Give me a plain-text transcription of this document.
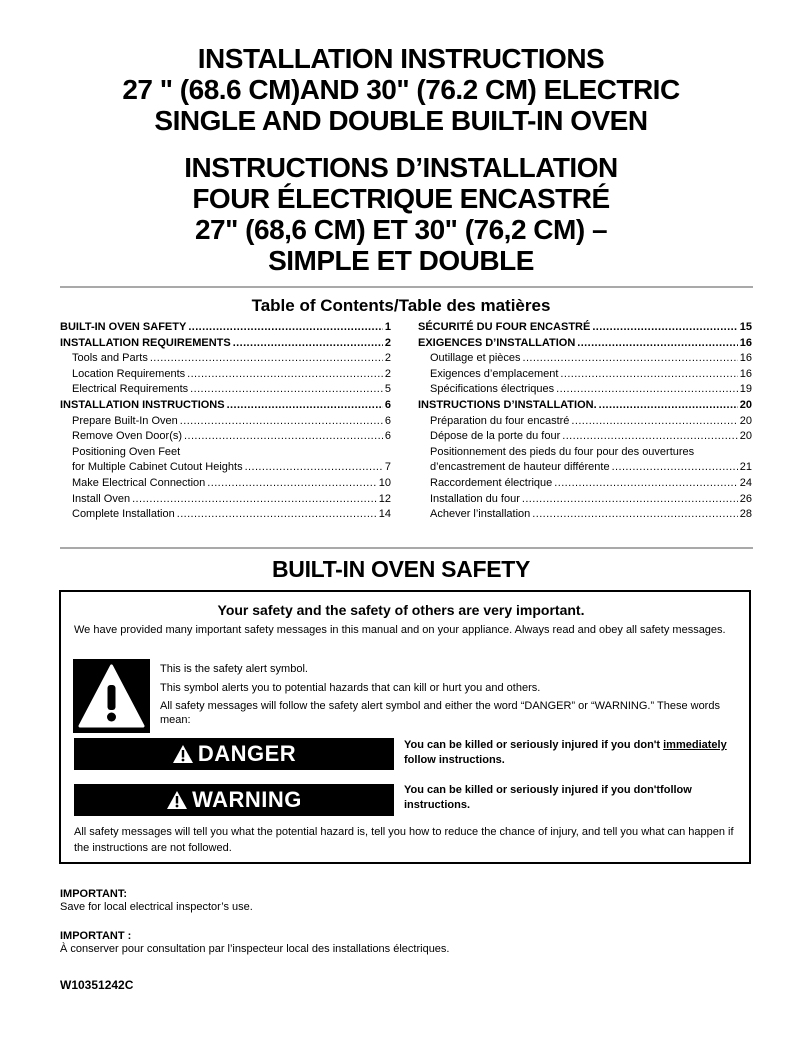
INSTALLATION INSTRUCTIONS
27 " (68.6 CM)AND 30" (76.2 CM) ELECTRIC
SINGLE AND DOUBLE BUILT-IN OVEN
INSTRUCTIONS D’INSTALLATION
FOUR ÉLECTRIQUE ENCASTRÉ
27" (68,6 CM) ET 30" (76,2 CM) –
SIMPLE ET DOUBLE
Table of Contents/Table des matières
BUILT-IN OVEN SAFETY .....	1
INSTALLATION REQUIREMENTS .....	2
Tools and Parts .....	2
Location Requirements .....	2
Electrical Requirements .....	5
INSTALLATION INSTRUCTIONS .....	6
Prepare Built-In Oven .....	6
Remove Oven Door(s) .....	6
Positioning Oven Feet
for Multiple Cabinet Cutout Heights .....	7
Make Electrical Connection .....	10
Install Oven .....	12
Complete Installation .....	14
SÉCURITÉ DU FOUR ENCASTRÉ .....	15
EXIGENCES D’INSTALLATION .....	16
Outillage et pièces .....	16
Exigences d’emplacement .....	16
Spécifications électriques .....	19
INSTRUCTIONS D’INSTALLATION. .....	20
Préparation du four encastré .....	20
Dépose de la porte du four .....	20
Positionnement des pieds du four pour des ouvertures
d’encastrement de hauteur différente .....	21
Raccordement électrique .....	24
Installation du four .....	26
Achever l’installation .....	28
BUILT-IN OVEN SAFETY
Your safety and the safety of others are very important.
We have provided many important safety messages in this manual and on your appliance. Always read and obey all safety messages.
This is the safety alert symbol.
This symbol alerts you to potential hazards that can kill or hurt you and others.
All safety messages will follow the safety alert symbol and either the word “DANGER” or “WARNING.” These words mean:
DANGER	You can be killed or seriously injured if you don't immediately follow instructions.
WARNING	You can be killed or seriously injured if you don'tfollow instructions.
All safety messages will tell you what the potential hazard is, tell you how to reduce the chance of injury, and tell you what can happen if the instructions are not followed.
IMPORTANT:
Save for local electrical inspector’s use.
IMPORTANT :
À conserver pour consultation par l’inspecteur local des installations électriques.
W10351242C
